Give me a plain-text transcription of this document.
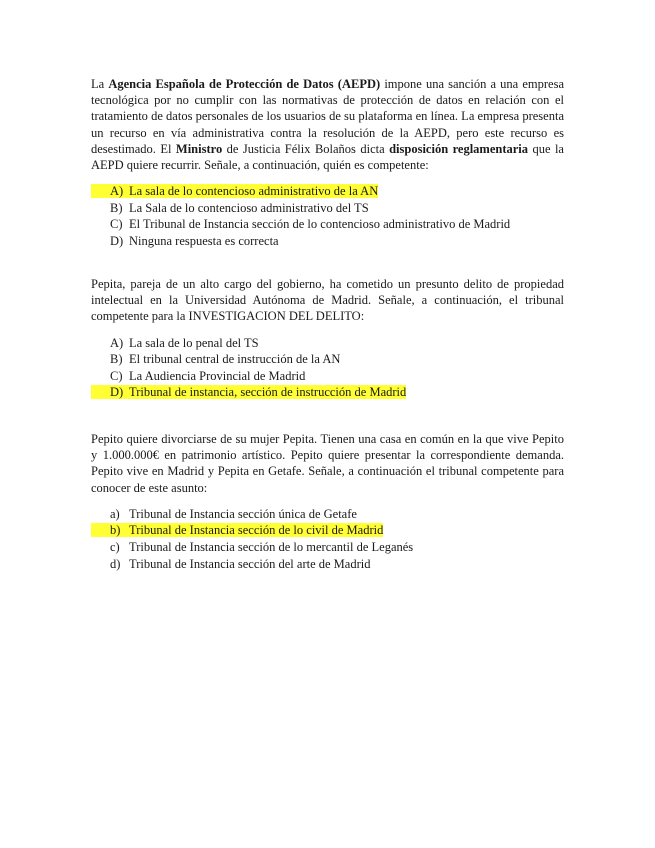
La Agencia Española de Protección de Datos (AEPD) impone una sanción a una empresa tecnológica por no cumplir con las normativas de protección de datos en relación con el tratamiento de datos personales de los usuarios de su plataforma en línea. La empresa presenta un recurso en vía administrativa contra la resolución de la AEPD, pero este recurso es desestimado. El Ministro de Justicia Félix Bolaños dicta disposición reglamentaria que la AEPD quiere recurrir. Señale, a continuación, quién es competente:

A) La sala de lo contencioso administrativo de la AN
B) La Sala de lo contencioso administrativo del TS
C) El Tribunal de Instancia sección de lo contencioso administrativo de Madrid
D) Ninguna respuesta es correcta

Pepita, pareja de un alto cargo del gobierno, ha cometido un presunto delito de propiedad intelectual en la Universidad Autónoma de Madrid. Señale, a continuación, el tribunal competente para la INVESTIGACION DEL DELITO:

A) La sala de lo penal del TS
B) El tribunal central de instrucción de la AN
C) La Audiencia Provincial de Madrid
D) Tribunal de instancia, sección de instrucción de Madrid

Pepito quiere divorciarse de su mujer Pepita. Tienen una casa en común en la que vive Pepito y 1.000.000€ en patrimonio artístico. Pepito quiere presentar la correspondiente demanda. Pepito vive en Madrid y Pepita en Getafe. Señale, a continuación el tribunal competente para conocer de este asunto:

a) Tribunal de Instancia sección única de Getafe
b) Tribunal de Instancia sección de lo civil de Madrid
c) Tribunal de Instancia sección de lo mercantil de Leganés
d) Tribunal de Instancia sección del arte de Madrid
